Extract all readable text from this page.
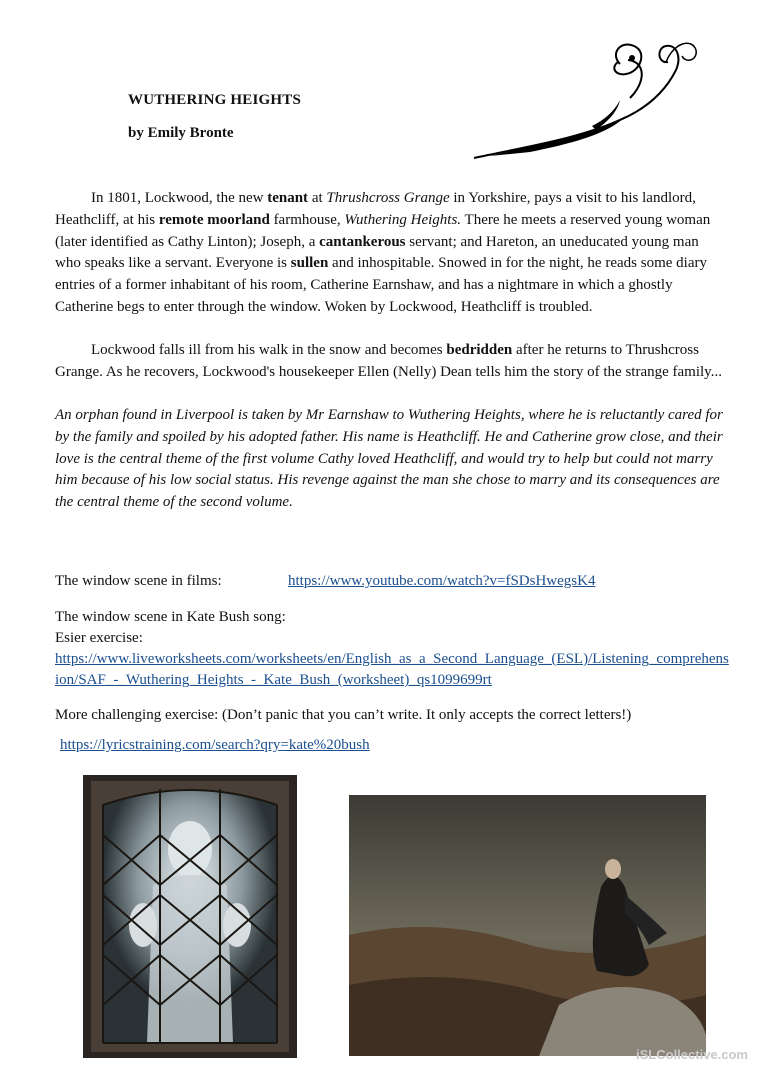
WUTHERING HEIGHTS
by Emily Bronte

In 1801, Lockwood, the new tenant at Thrushcross Grange in Yorkshire, pays a visit to his landlord, Heathcliff, at his remote moorland farmhouse, Wuthering Heights. There he meets a reserved young woman (later identified as Cathy Linton); Joseph, a cantankerous servant; and Hareton, an uneducated young man who speaks like a servant. Everyone is sullen and inhospitable. Snowed in for the night, he reads some diary entries of a former inhabitant of his room, Catherine Earnshaw, and has a nightmare in which a ghostly Catherine begs to enter through the window. Woken by Lockwood, Heathcliff is troubled.

Lockwood falls ill from his walk in the snow and becomes bedridden after he returns to Thrushcross Grange. As he recovers, Lockwood's housekeeper Ellen (Nelly) Dean tells him the story of the strange family...

An orphan found in Liverpool is taken by Mr Earnshaw to Wuthering Heights, where he is reluctantly cared for by the family and spoiled by his adopted father. His name is Heathcliff. He and Catherine grow close, and their love is the central theme of the first volume Cathy loved Heathcliff, and would try to help but could not marry him because of his low social status. His revenge against the man she chose to marry and its consequences are the central theme of the second volume.

The window scene in films:	https://www.youtube.com/watch?v=fSDsHwegsK4
The window scene in Kate Bush song:
Esier exercise:
https://www.liveworksheets.com/worksheets/en/English_as_a_Second_Language_(ESL)/Listening_comprehension/SAF_-_Wuthering_Heights_-_Kate_Bush_(worksheet)_qs1099699rt
More challenging exercise: (Don’t panic that you can’t write. It only accepts the correct letters!)
https://lyricstraining.com/search?qry=kate%20bush
iSLCollective.com
